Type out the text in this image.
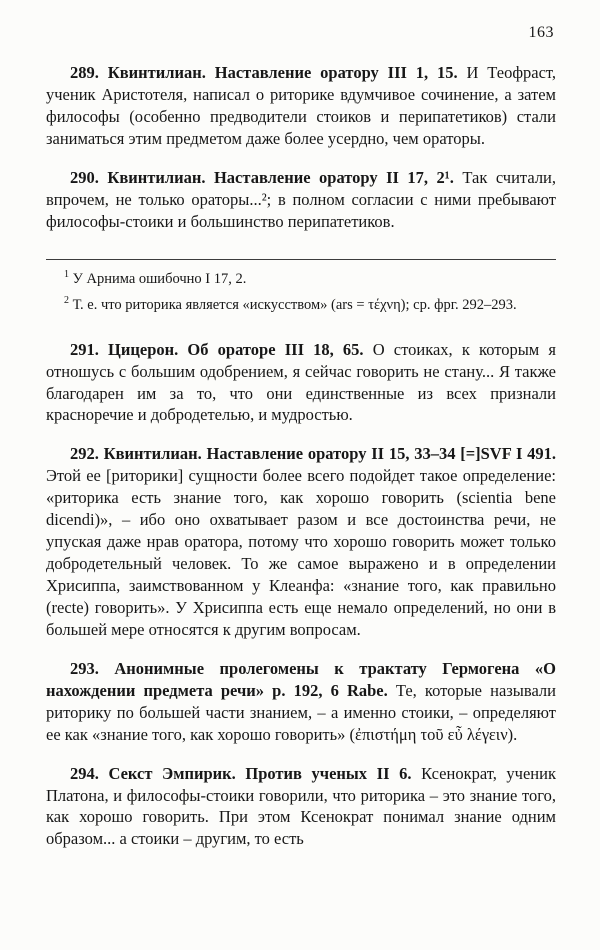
163

289. Квинтилиан. Наставление оратору III 1, 15. И Теофраст, ученик Аристотеля, написал о риторике вдумчивое сочинение, а затем философы (особенно предводители стоиков и перипатетиков) стали заниматься этим предметом даже более усердно, чем ораторы.

290. Квинтилиан. Наставление оратору II 17, 2¹. Так считали, впрочем, не только ораторы...²; в полном согласии с ними пребывают философы-стоики и большинство перипатетиков.

$^1$ У Арнима ошибочно I 17, 2.

$^2$ Т. е. что риторика является «искусством» (ars = τέχνη); ср. фрг. 292–293.

291. Цицерон. Об ораторе III 18, 65. О стоиках, к которым я отношусь с большим одобрением, я сейчас говорить не стану... Я также благодарен им за то, что они единственные из всех признали красноречие и добродетелью, и мудростью.

292. Квинтилиан. Наставление оратору II 15, 33–34 [=]SVF I 491. Этой ее [риторики] сущности более всего подойдет такое определение: «риторика есть знание того, как хорошо говорить (scientia bene dicendi)», – ибо оно охватывает разом и все достоинства речи, не упуская даже нрав оратора, потому что хорошо говорить может только добродетельный человек. То же самое выражено и в определении Хрисиппа, заимствованном у Клеанфа: «знание того, как правильно (recte) говорить». У Хрисиппа есть еще немало определений, но они в большей мере относятся к другим вопросам.

293. Анонимные пролегомены к трактату Гермогена «О нахождении предмета речи» p. 192, 6 Rabe. Те, которые называли риторику по большей части знанием, – а именно стоики, – определяют ее как «знание того, как хорошо говорить» (ἐπιστήμη τοῦ εὖ λέγειν).

294. Секст Эмпирик. Против ученых II 6. Ксенократ, ученик Платона, и философы-стоики говорили, что риторика – это знание того, как хорошо говорить. При этом Ксенократ понимал знание одним образом... а стоики – другим, то есть
